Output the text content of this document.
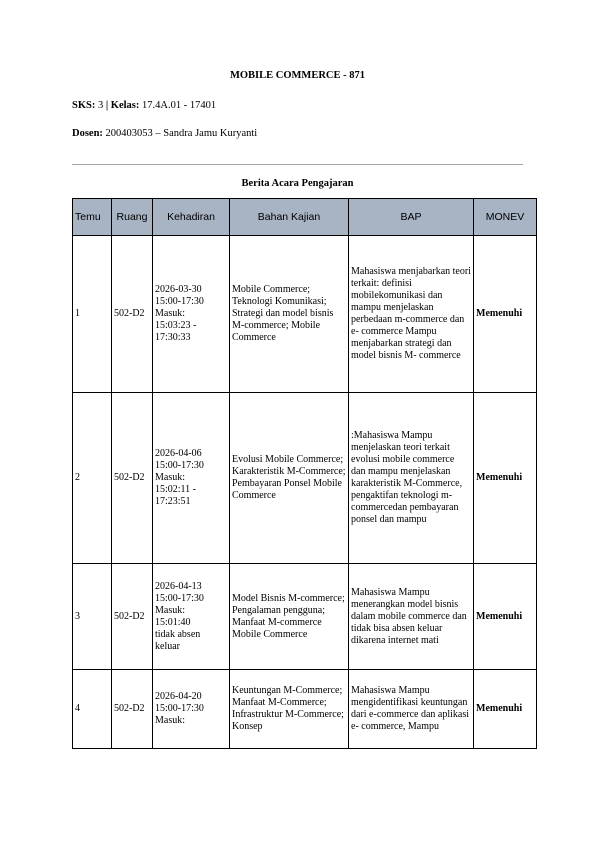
MOBILE COMMERCE - 871
SKS: 3 | Kelas: 17.4A.01 - 17401
Dosen: 200403053 – Sandra Jamu Kuryanti
Berita Acara Pengajaran
Temu	Ruang	Kehadiran	Bahan Kajian	BAP	MONEV
1	502-D2	2026-03-30
15:00-17:30
Masuk:
15:03:23 -
17:30:33	Mobile Commerce; Teknologi Komunikasi; Strategi dan model bisnis M-commerce; Mobile Commerce	Mahasiswa menjabarkan teori terkait: definisi mobilekomunikasi dan mampu menjelaskan perbedaan m-commerce dan e- commerce Mampu menjabarkan strategi dan model bisnis M- commerce	Memenuhi
2	502-D2	2026-04-06
15:00-17:30
Masuk:
15:02:11 -
17:23:51	Evolusi Mobile Commerce; Karakteristik M-Commerce; Pembayaran Ponsel Mobile Commerce	:Mahasiswa Mampu menjelaskan teori terkait evolusi mobile commerce dan mampu menjelaskan karakteristik M-Commerce, pengaktifan teknologi m-commercedan pembayaran ponsel dan mampu	Memenuhi
3	502-D2	2026-04-13
15:00-17:30
Masuk:
15:01:40
tidak absen keluar	Model Bisnis M-commerce; Pengalaman pengguna; Manfaat M-commerce Mobile Commerce	Mahasiswa Mampu menerangkan model bisnis dalam mobile commerce dan tidak bisa absen keluar dikarena internet mati	Memenuhi
4	502-D2	2026-04-20
15:00-17:30
Masuk:	Keuntungan M-Commerce; Manfaat M-Commerce; Infrastruktur M-Commerce; Konsep	Mahasiswa Mampu mengidentifikasi keuntungan dari e-commerce dan aplikasi e- commerce, Mampu	Memenuhi
